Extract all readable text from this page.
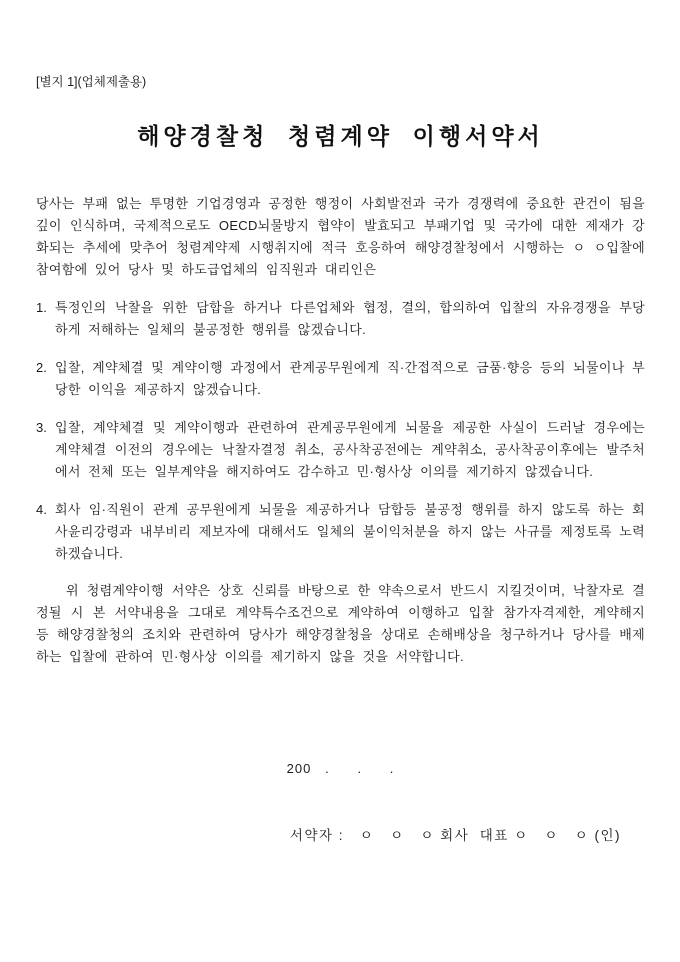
[별지 1](업체제출용)
해양경찰청 청렴계약 이행서약서

당사는 부패 없는 투명한 기업경영과 공정한 행정이 사회발전과 국가 경쟁력에 중요한 관건이 됨을 깊이 인식하며, 국제적으로도 OECD뇌물방지 협약이 발효되고 부패기업 및 국가에 대한 제재가 강화되는 추세에 맞추어 청렴계약제 시행취지에 적극 호응하여 해양경찰청에서 시행하는 ㅇ ㅇ입찰에 참여함에 있어 당사 및 하도급업체의 임직원과 대리인은

1. 특정인의 낙찰을 위한 담합을 하거나 다른업체와 협정, 결의, 합의하여 입찰의 자유경쟁을 부당하게 저해하는 일체의 불공정한 행위를 않겠습니다.
2. 입찰, 계약체결 및 계약이행 과정에서 관계공무원에게 직·간접적으로 금품·향응 등의 뇌물이나 부당한 이익을 제공하지 않겠습니다.
3. 입찰, 계약체결 및 계약이행과 관련하여 관계공무원에게 뇌물을 제공한 사실이 드러날 경우에는 계약체결 이전의 경우에는 낙찰자결정 취소, 공사착공전에는 계약취소, 공사착공이후에는 발주처에서 전체 또는 일부계약을 해지하여도 감수하고 민·형사상 이의를 제기하지 않겠습니다.
4. 회사 임·직원이 관계 공무원에게 뇌물을 제공하거나 담합등 불공정 행위를 하지 않도록 하는 회사윤리강령과 내부비리 제보자에 대해서도 일체의 불이익처분을 하지 않는 사규를 제정토록 노력하겠습니다.

위 청렴계약이행 서약은 상호 신뢰를 바탕으로 한 약속으로서 반드시 지킬것이며, 낙찰자로 결정될 시 본 서약내용을 그대로 계약특수조건으로 계약하여 이행하고 입찰 참가자격제한, 계약해지 등 해양경찰청의 조치와 관련하여 당사가 해양경찰청을 상대로 손해배상을 청구하거나 당사를 배제하는 입찰에 관하여 민·형사상 이의를 제기하지 않을 것을 서약합니다.

200   .      .      .
서약자 :   ㅇ   ㅇ   ㅇ 회사  대표 ㅇ   ㅇ   ㅇ (인)
